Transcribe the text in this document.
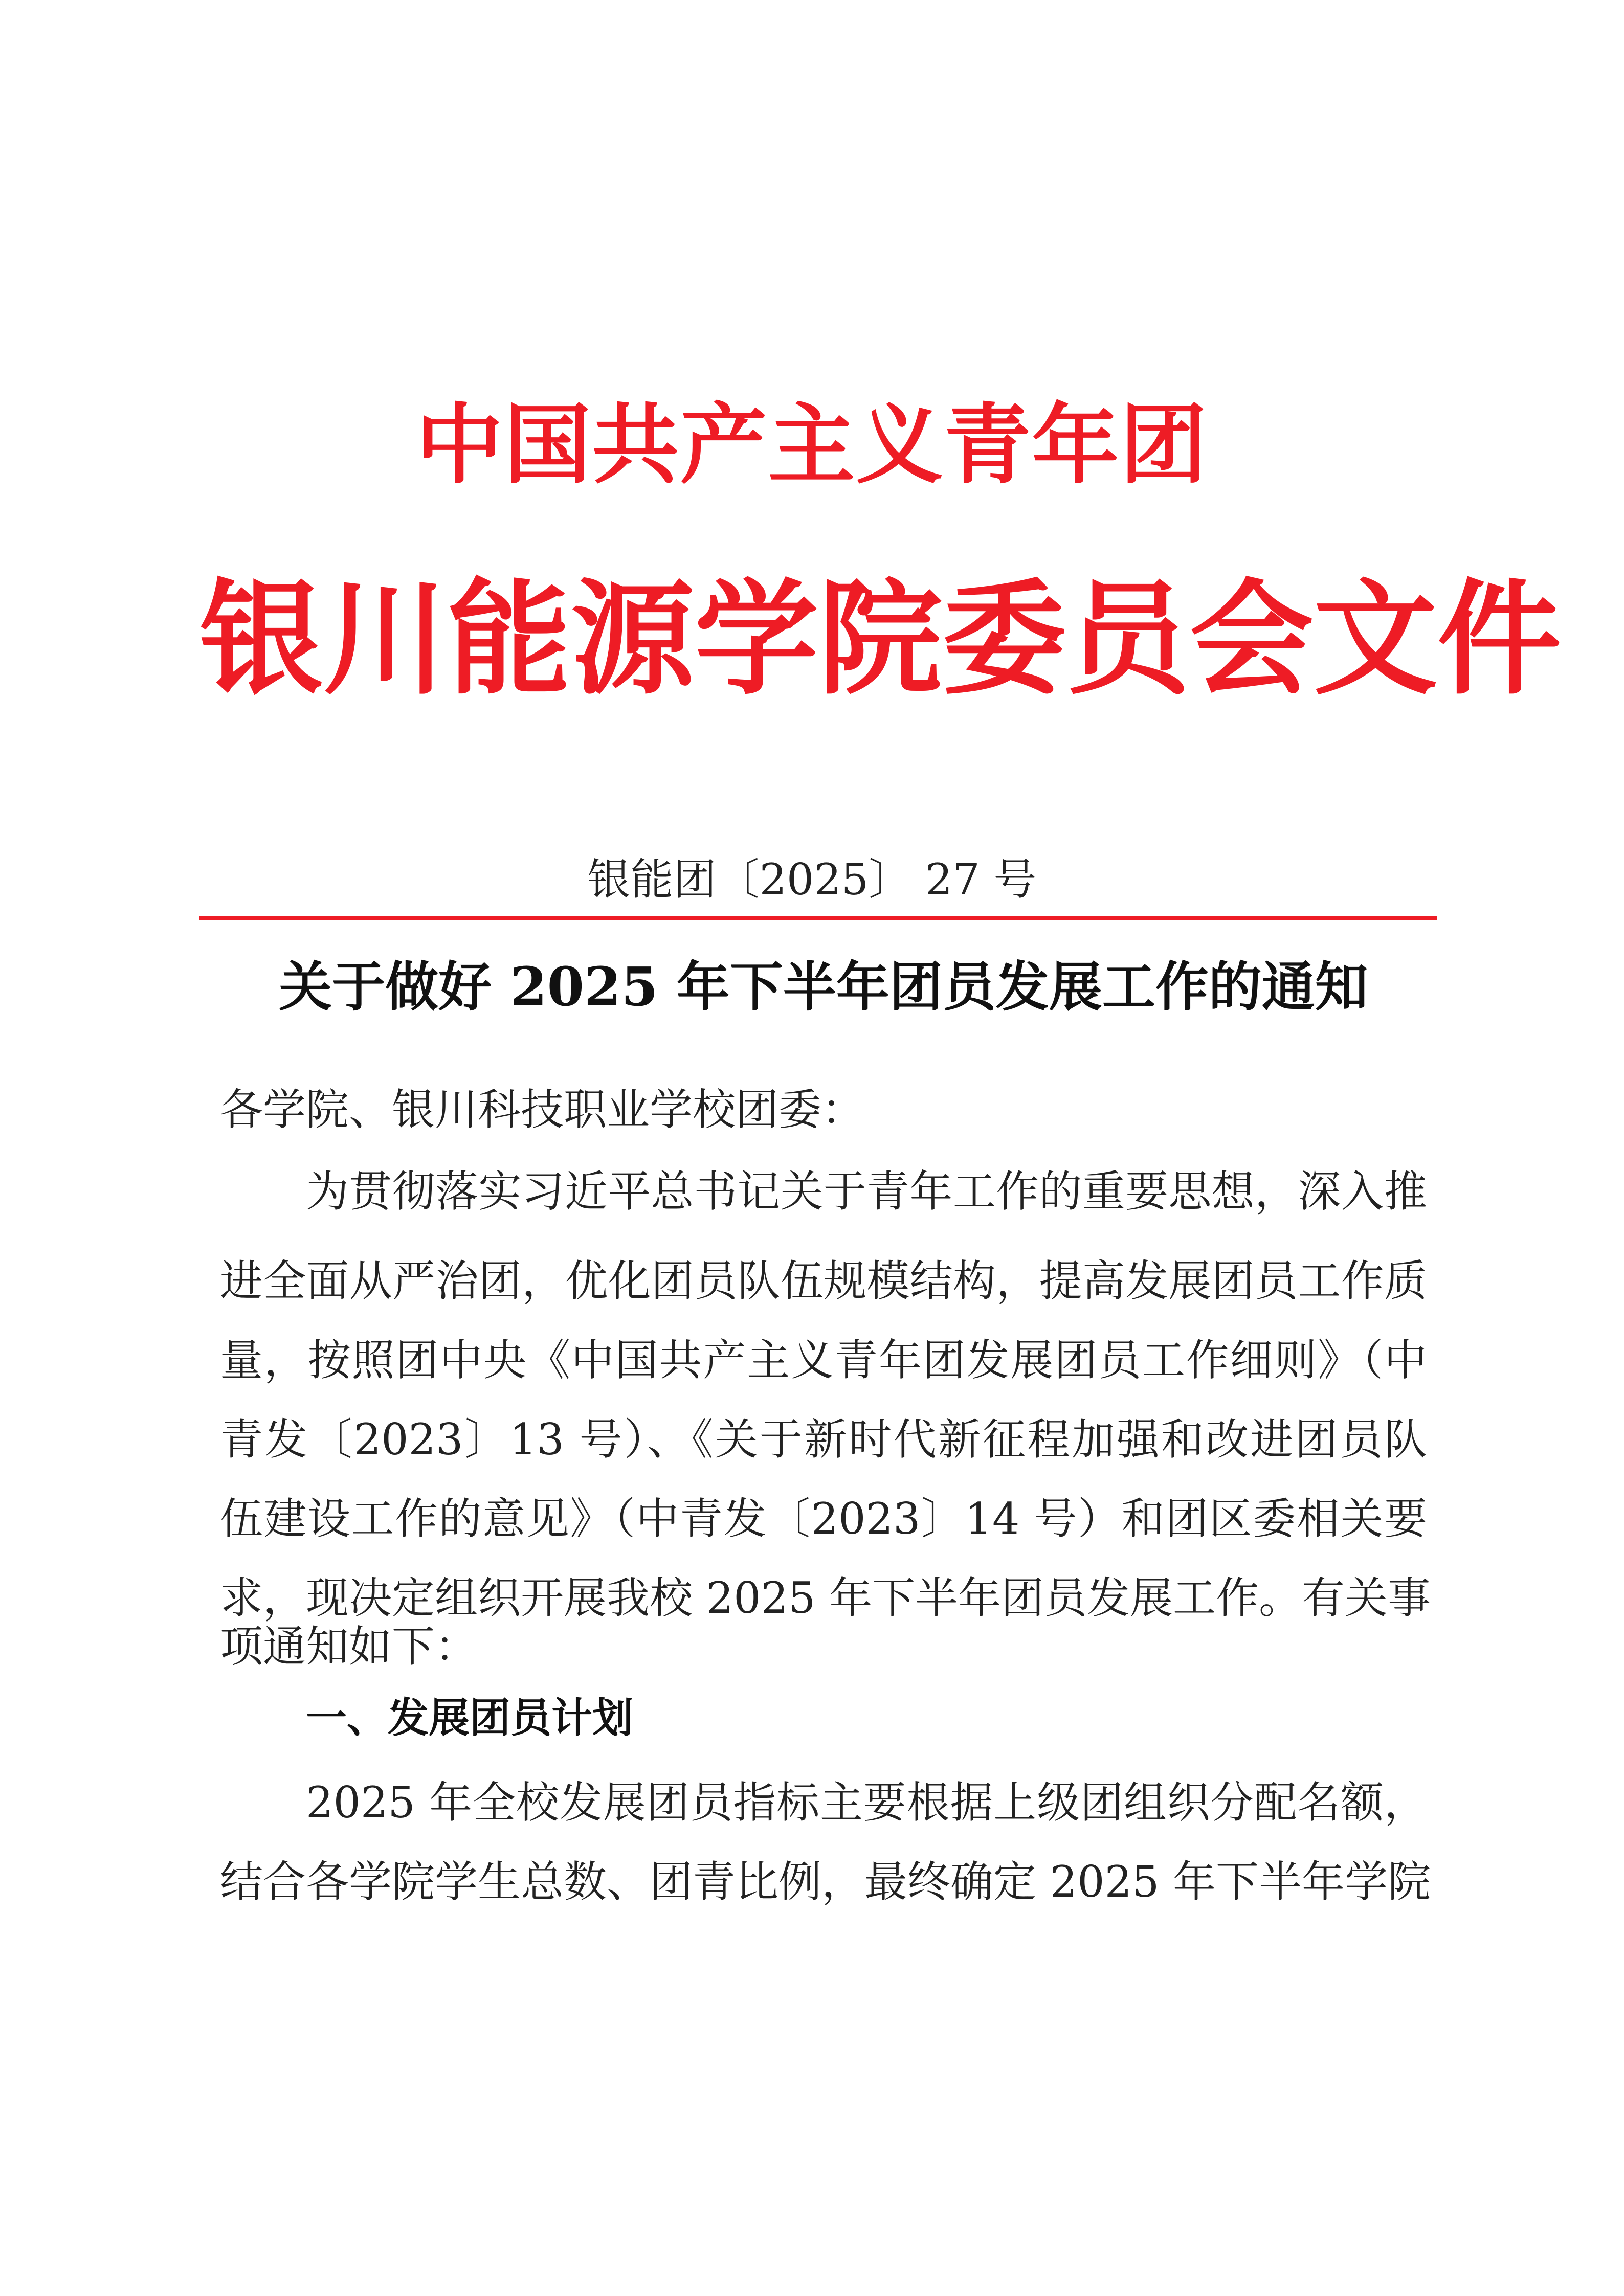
中国共产主义青年团
银川能源学院委员会文件
银能团〔2025〕 27 号
关于做好 2025 年下半年团员发展工作的通知
各学院、银川科技职业学校团委：
为贯彻落实习近平总书记关于青年工作的重要思想，深入推
进全面从严治团，优化团员队伍规模结构，提高发展团员工作质
量，按照团中央《中国共产主义青年团发展团员工作细则》（中
青发〔2023〕13 号）、《关于新时代新征程加强和改进团员队
伍建设工作的意见》（中青发〔2023〕14 号）和团区委相关要
求，现决定组织开展我校 2025 年下半年团员发展工作。有关事
项通知如下：
一、发展团员计划
2025 年全校发展团员指标主要根据上级团组织分配名额，
结合各学院学生总数、团青比例，最终确定 2025 年下半年学院
